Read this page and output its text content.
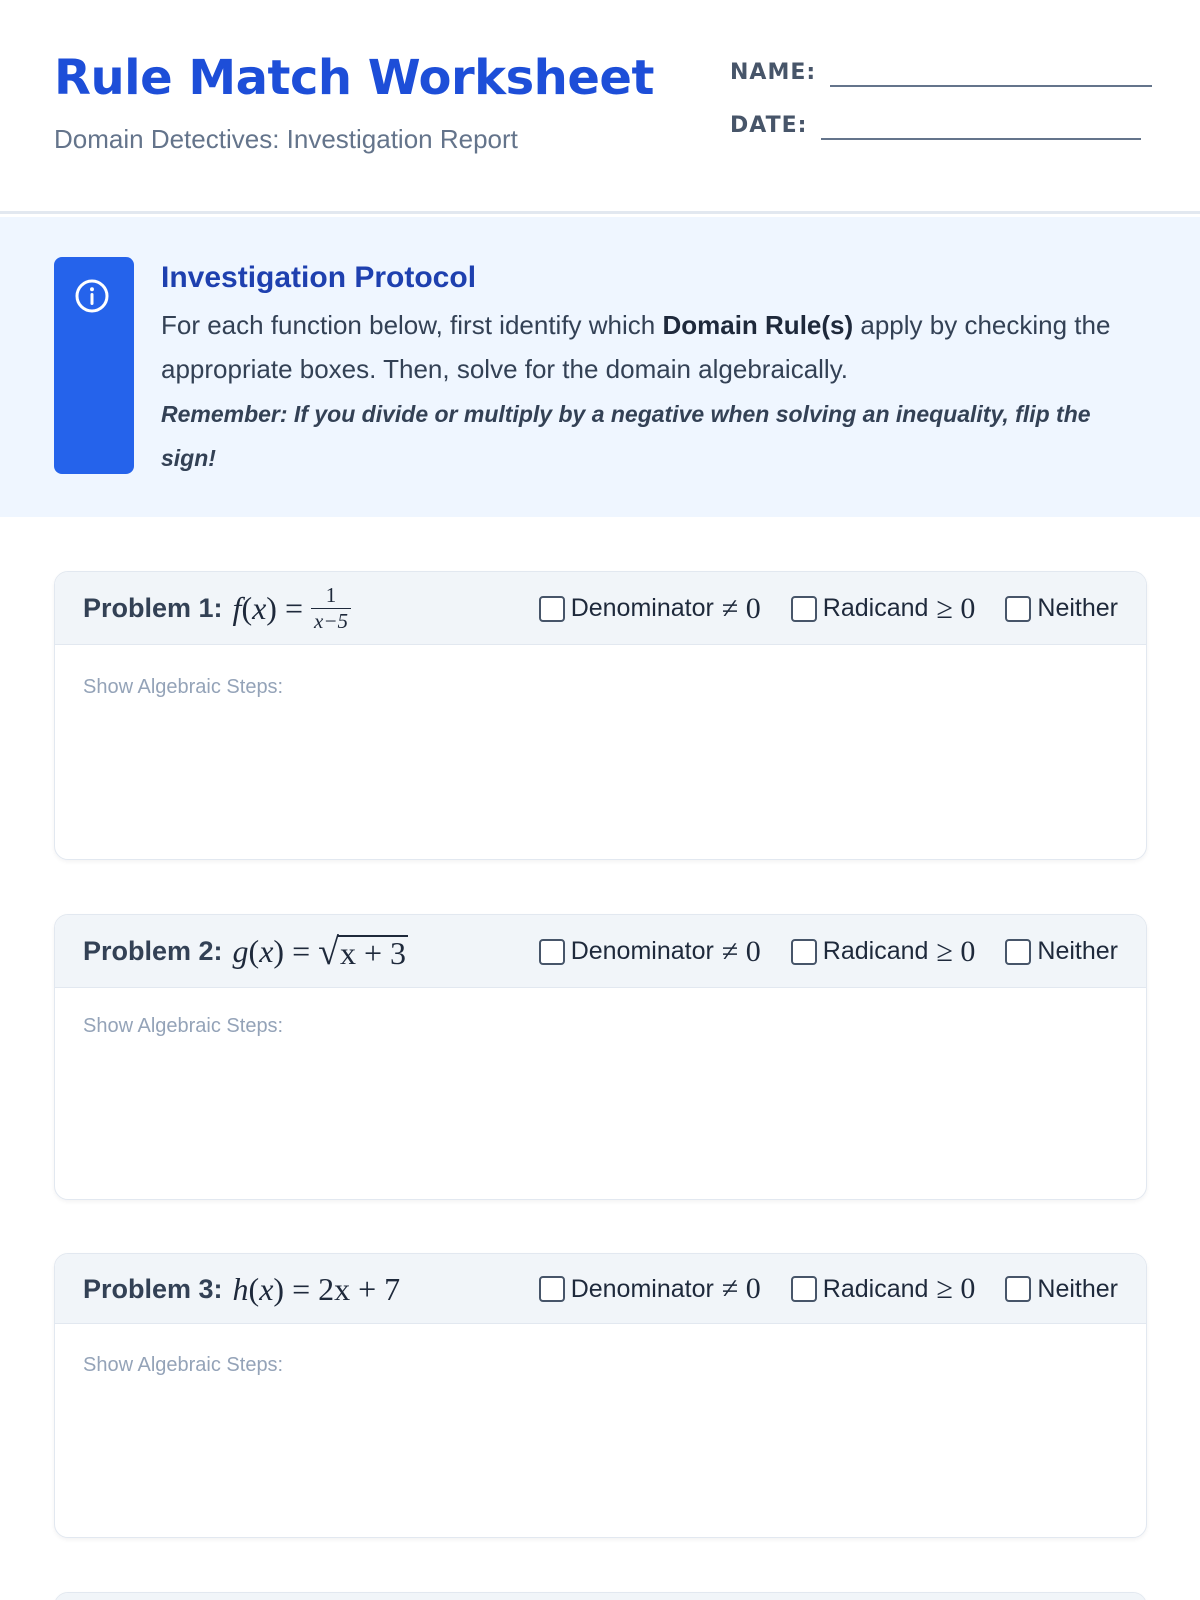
Rule Match Worksheet
Domain Detectives: Investigation Report
NAME:
DATE:
Investigation Protocol
For each function below, first identify which Domain Rule(s) apply by checking the appropriate boxes. Then, solve for the domain algebraically.
Remember: If you divide or multiply by a negative when solving an inequality, flip the sign!
Problem 1: f ( x ) = $\frac{1}{x-5}$	Denominator ≠ 0 Radicand ≥ 0 Neither
Show Algebraic Steps:
Problem 2: g ( x ) = √ x + 3	Denominator ≠ 0 Radicand ≥ 0 Neither
Show Algebraic Steps:
Problem 3: h ( x ) = 2x + 7	Denominator ≠ 0 Radicand ≥ 0 Neither
Show Algebraic Steps:
